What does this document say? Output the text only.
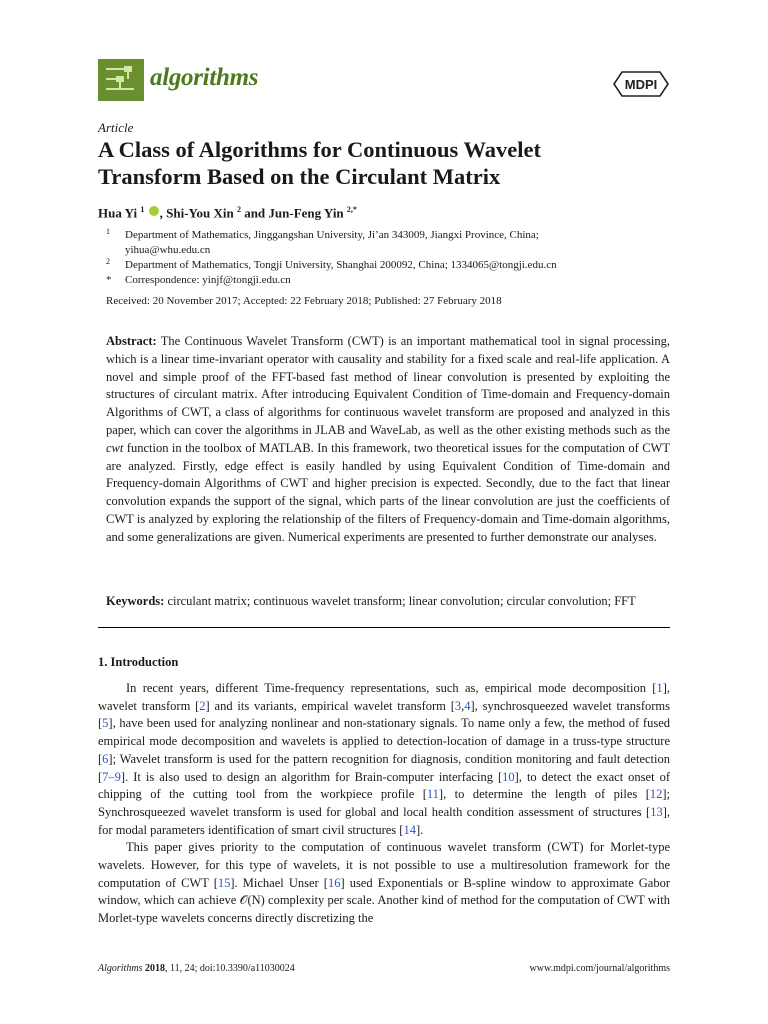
algorithms	MDPI
Article
A Class of Algorithms for Continuous Wavelet
Transform Based on the Circulant Matrix
Hua Yi $^1$ , Shi-You Xin $^2$ and Jun-Feng Yin $^{2,*}$
1 Department of Mathematics, Jinggangshan University, Ji’an 343009, Jiangxi Province, China;
yihua@whu.edu.cn
2 Department of Mathematics, Tongji University, Shanghai 200092, China; 1334065@tongji.edu.cn
* Correspondence: yinjf@tongji.edu.cn
Received: 20 November 2017; Accepted: 22 February 2018; Published: 27 February 2018
Abstract: The Continuous Wavelet Transform (CWT) is an important mathematical tool in signal processing, which is a linear time-invariant operator with causality and stability for a fixed scale and real-life application. A novel and simple proof of the FFT-based fast method of linear convolution is presented by exploiting the structures of circulant matrix. After introducing Equivalent Condition of Time-domain and Frequency-domain Algorithms of CWT, a class of algorithms for continuous wavelet transform are proposed and analyzed in this paper, which can cover the algorithms in JLAB and WaveLab, as well as the other existing methods such as the cwt function in the toolbox of MATLAB. In this framework, two theoretical issues for the computation of CWT are analyzed. Firstly, edge effect is easily handled by using Equivalent Condition of Time-domain and Frequency-domain Algorithms of CWT and higher precision is expected. Secondly, due to the fact that linear convolution expands the support of the signal, which parts of the linear convolution are just the coefficients of CWT is analyzed by exploring the relationship of the filters of Frequency-domain and Time-domain algorithms, and some generalizations are given. Numerical experiments are presented to further demonstrate our analyses.
Keywords: circulant matrix; continuous wavelet transform; linear convolution; circular convolution; FFT
1. Introduction

In recent years, different Time-frequency representations, such as, empirical mode decomposition [1], wavelet transform [2] and its variants, empirical wavelet transform [3,4], synchrosqueezed wavelet transforms [5], have been used for analyzing nonlinear and non-stationary signals. To name only a few, the method of fused empirical mode decomposition and wavelets is applied to detection-location of damage in a truss-type structure [6]; Wavelet transform is used for the pattern recognition for diagnosis, condition monitoring and fault detection [7–9]. It is also used to design an algorithm for Brain-computer interfacing [10], to detect the exact onset of chipping of the cutting tool from the workpiece profile [11], to determine the length of piles [12]; Synchrosqueezed wavelet transform is used for global and local health condition assessment of structures [13], for modal parameters identification of smart civil structures [14].

This paper gives priority to the computation of continuous wavelet transform (CWT) for Morlet-type wavelets. However, for this type of wavelets, it is not possible to use a multiresolution framework for the computation of CWT [15]. Michael Unser [16] used Exponentials or B-spline window to approximate Gabor window, which can achieve 𝒪(N) complexity per scale. Another kind of method for the computation of CWT with Morlet-type wavelets concerns directly discretizing the

Algorithms 2018, 11, 24; doi:10.3390/a11030024	www.mdpi.com/journal/algorithms
